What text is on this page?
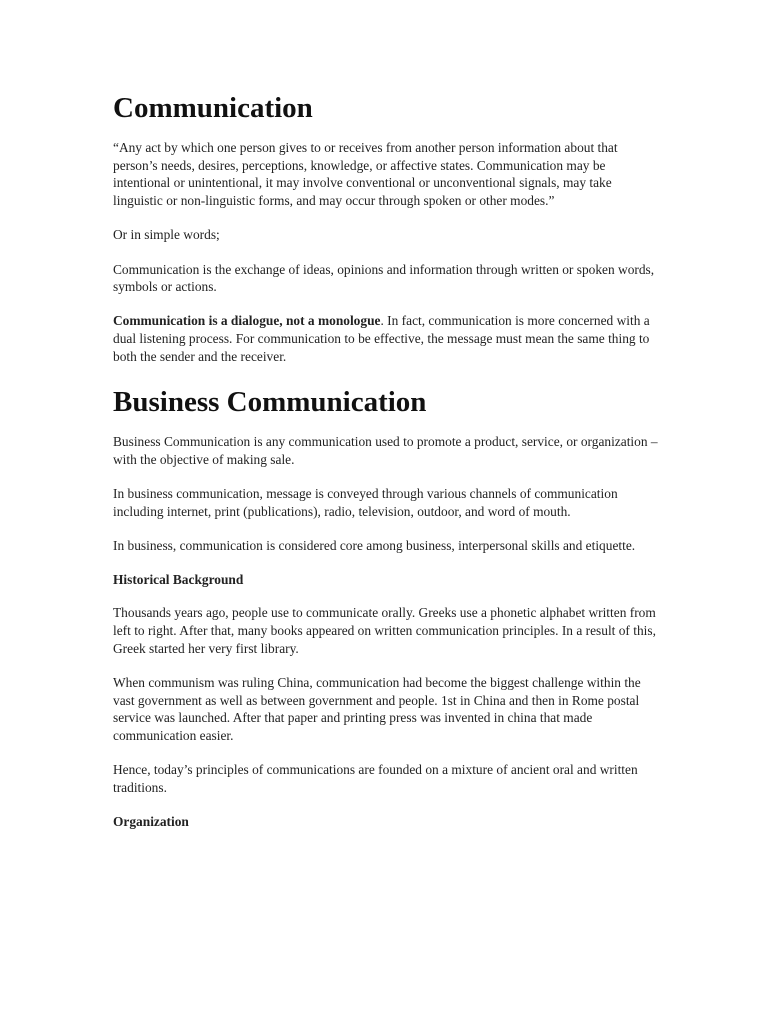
Communication

“Any act by which one person gives to or receives from another person information about that person’s needs, desires, perceptions, knowledge, or affective states. Communication may be intentional or unintentional, it may involve conventional or unconventional signals, may take linguistic or non-linguistic forms, and may occur through spoken or other modes.”

Or in simple words;

Communication is the exchange of ideas, opinions and information through written or spoken words, symbols or actions.

Communication is a dialogue, not a monologue. In fact, communication is more concerned with a dual listening process. For communication to be effective, the message must mean the same thing to both the sender and the receiver.

Business Communication

Business Communication is any communication used to promote a product, service, or organization – with the objective of making sale.

In business communication, message is conveyed through various channels of communication including internet, print (publications), radio, television, outdoor, and word of mouth.

In business, communication is considered core among business, interpersonal skills and etiquette.

Historical Background

Thousands years ago, people use to communicate orally. Greeks use a phonetic alphabet written from left to right. After that, many books appeared on written communication principles. In a result of this, Greek started her very first library.

When communism was ruling China, communication had become the biggest challenge within the vast government as well as between government and people. 1st in China and then in Rome postal service was launched. After that paper and printing press was invented in china that made communication easier.

Hence, today’s principles of communications are founded on a mixture of ancient oral and written traditions.

Organization
